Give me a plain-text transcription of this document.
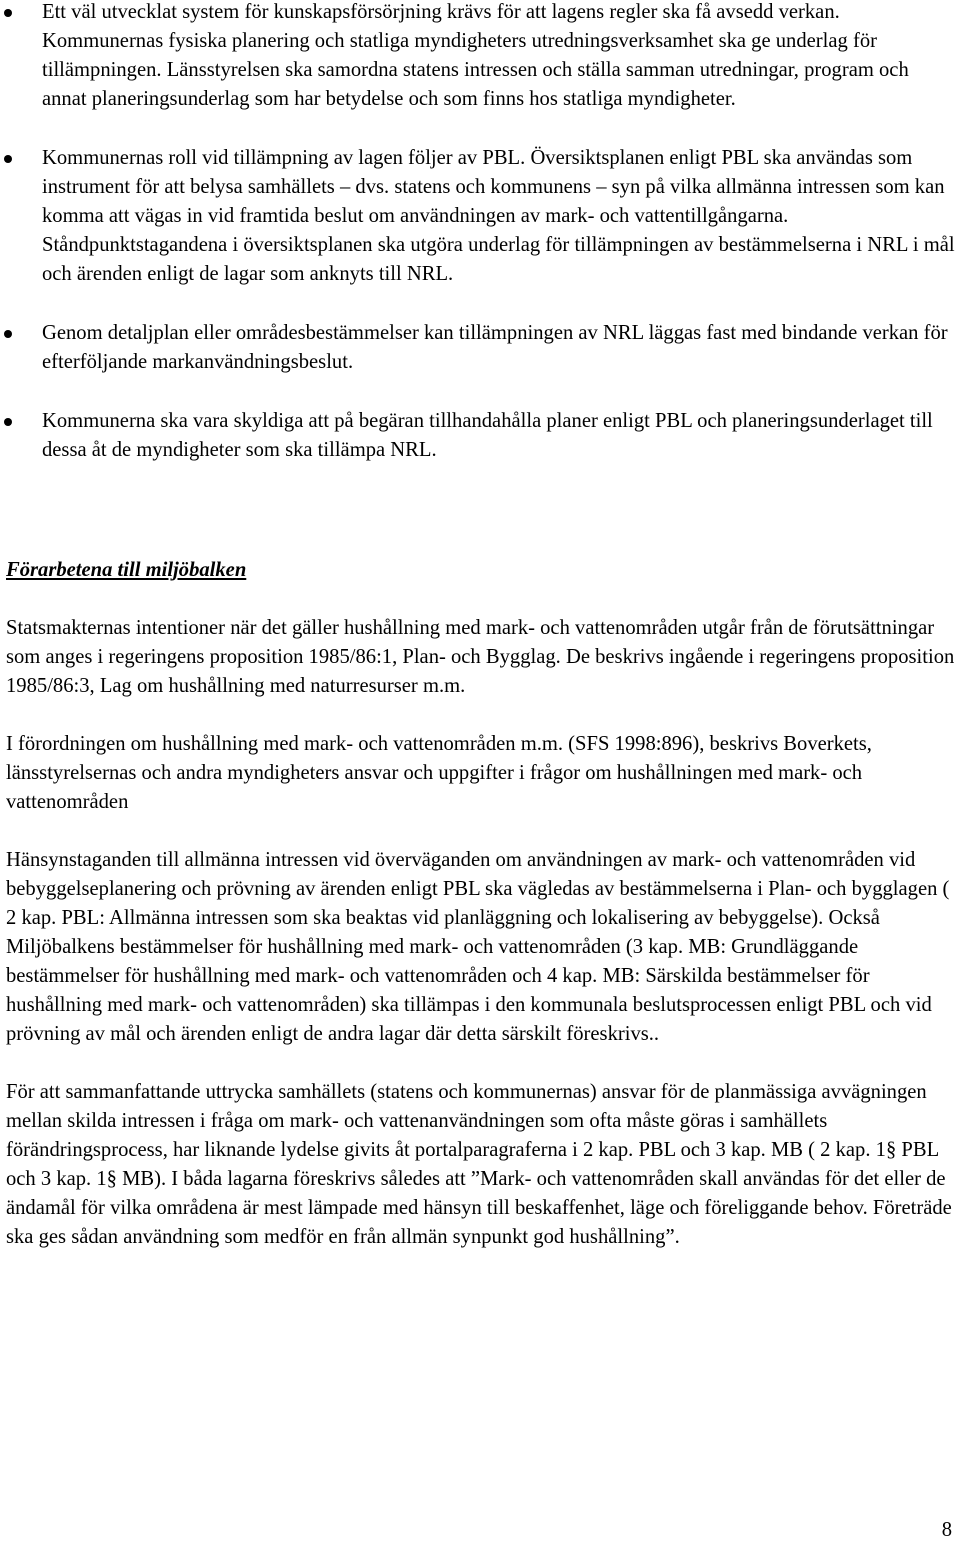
Ett väl utvecklat system för kunskapsförsörjning krävs för att lagens regler ska få avsedd verkan. Kommunernas fysiska planering och statliga myndigheters utredningsverksamhet ska ge underlag för tillämpningen. Länsstyrelsen ska samordna statens intressen och ställa samman utredningar, program och annat planeringsunderlag som har betydelse och som finns hos statliga myndigheter.
Kommunernas roll vid tillämpning av lagen följer av PBL. Översiktsplanen enligt PBL ska användas som instrument för att belysa samhällets – dvs. statens och kommunens – syn på vilka allmänna intressen som kan komma att vägas in vid framtida beslut om användningen av mark- och vattentillgångarna. Ståndpunktstagandena i översiktsplanen ska utgöra underlag för tillämpningen av bestämmelserna i NRL i mål och ärenden enligt de lagar som anknyts till NRL.
Genom detaljplan eller områdesbestämmelser kan tillämpningen av NRL läggas fast med bindande verkan för efterföljande markanvändningsbeslut.
Kommunerna ska vara skyldiga att på begäran tillhandahålla planer enligt PBL och planeringsunderlaget till dessa åt de myndigheter som ska tillämpa NRL.
Förarbetena till miljöbalken

Statsmakternas intentioner när det gäller hushållning med mark- och vattenområden utgår från de förutsättningar som anges i regeringens proposition 1985/86:1, Plan- och Bygglag. De beskrivs ingående i regeringens proposition 1985/86:3, Lag om hushållning med naturresurser m.m.

I förordningen om hushållning med mark- och vattenområden m.m. (SFS 1998:896), beskrivs Boverkets, länsstyrelsernas och andra myndigheters ansvar och uppgifter i frågor om hushållningen med mark- och vattenområden

Hänsynstaganden till allmänna intressen vid överväganden om användningen av mark- och vattenområden vid bebyggelseplanering och prövning av ärenden enligt PBL ska vägledas av bestämmelserna i Plan- och bygglagen ( 2 kap. PBL: Allmänna intressen som ska beaktas vid planläggning och lokalisering av bebyggelse). Också Miljöbalkens bestämmelser för hushållning med mark- och vattenområden (3 kap. MB: Grundläggande bestämmelser för hushållning med mark- och vattenområden och 4 kap. MB: Särskilda bestämmelser för hushållning med mark- och vattenområden) ska tillämpas i den kommunala beslutsprocessen enligt PBL och vid prövning av mål och ärenden enligt de andra lagar där detta särskilt föreskrivs..

För att sammanfattande uttrycka samhällets (statens och kommunernas) ansvar för de planmässiga avvägningen mellan skilda intressen i fråga om mark- och vattenanvändningen som ofta måste göras i samhällets förändringsprocess, har liknande lydelse givits åt portalparagraferna i 2 kap. PBL och 3 kap. MB ( 2 kap. 1§ PBL och 3 kap. 1§ MB). I båda lagarna föreskrivs således att ”Mark- och vattenområden skall användas för det eller de ändamål för vilka områdena är mest lämpade med hänsyn till beskaffenhet, läge och föreliggande behov. Företräde ska ges sådan användning som medför en från allmän synpunkt god hushållning”.

8
